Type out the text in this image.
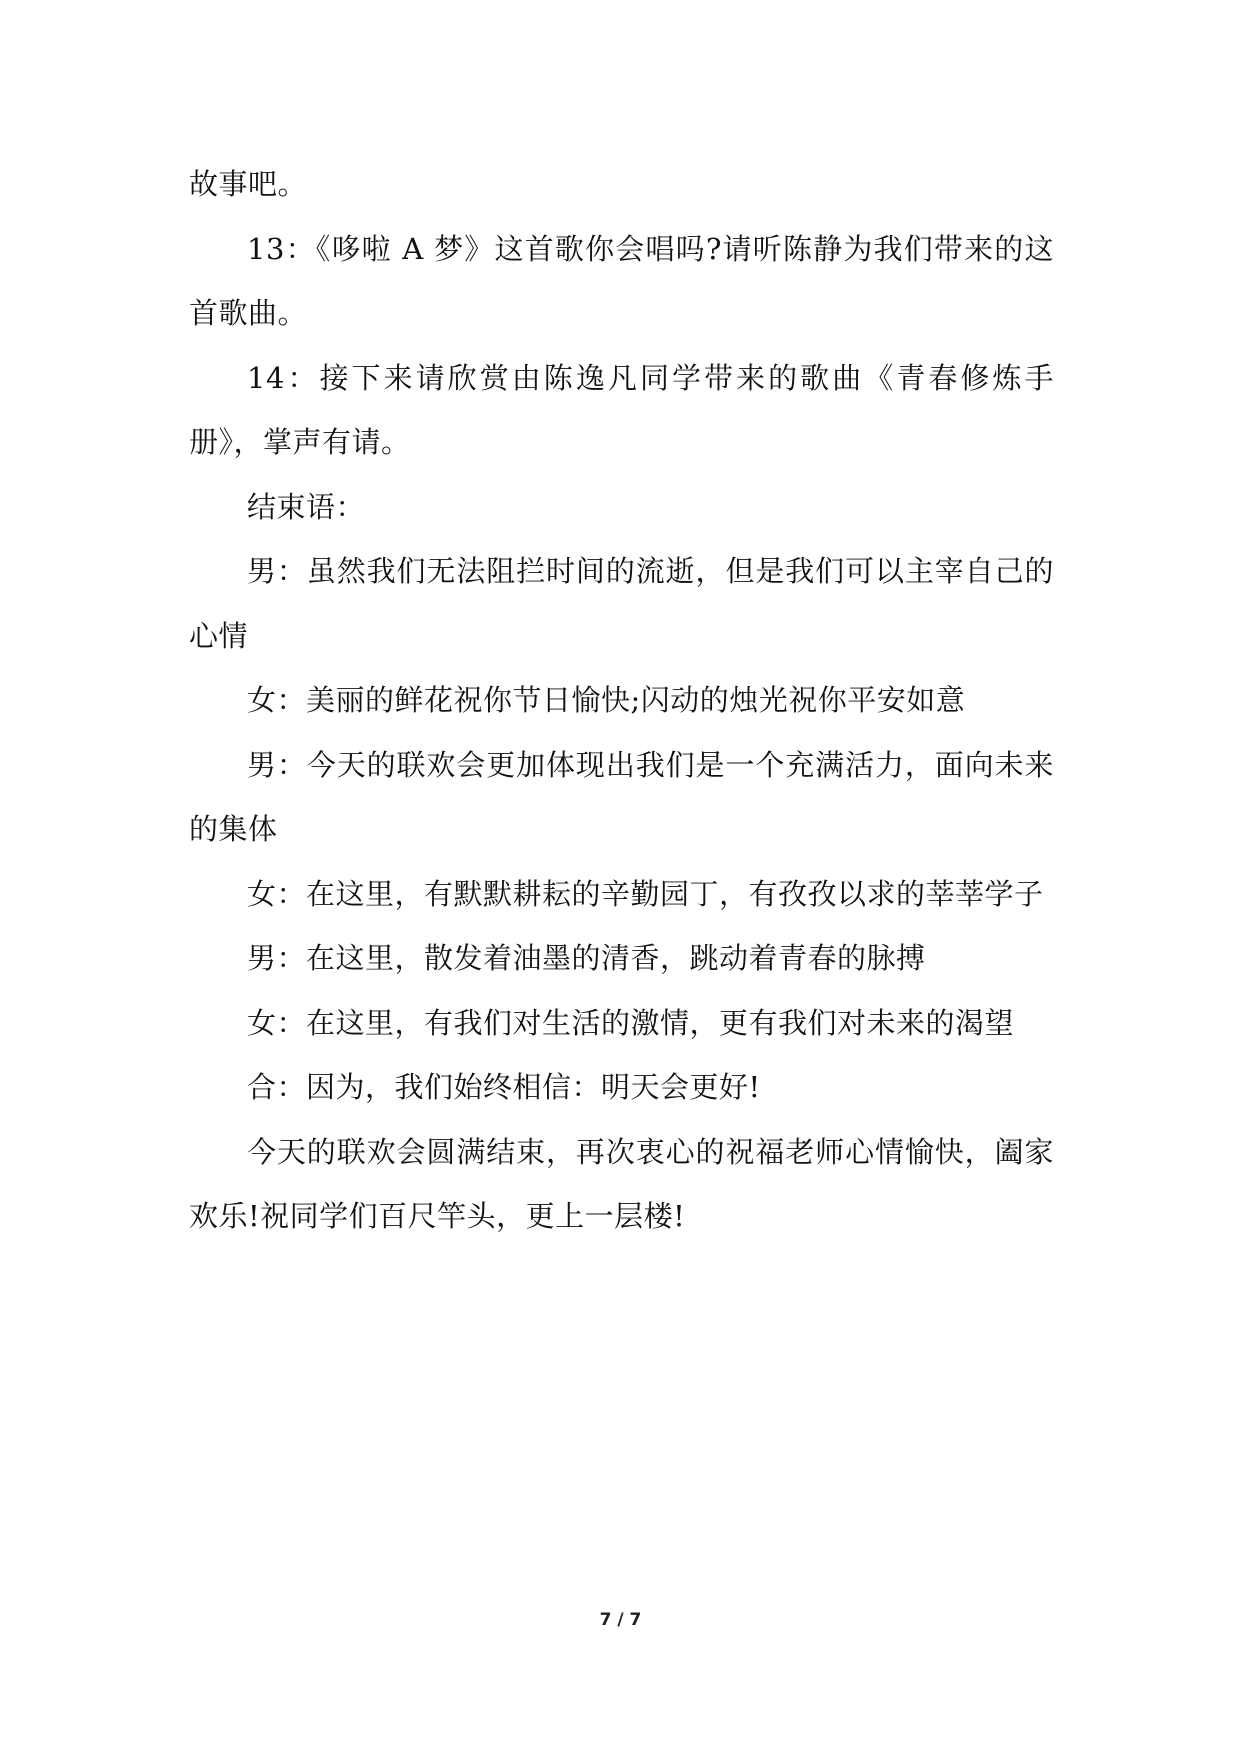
故事吧。

13：《哆啦 A 梦》这首歌你会唱吗?请听陈静为我们带来的这首歌曲。

14：接下来请欣赏由陈逸凡同学带来的歌曲《青春修炼手册》，掌声有请。

结束语：

男：虽然我们无法阻拦时间的流逝，但是我们可以主宰自己的心情

女：美丽的鲜花祝你节日愉快;闪动的烛光祝你平安如意

男：今天的联欢会更加体现出我们是一个充满活力，面向未来的集体

女：在这里，有默默耕耘的辛勤园丁，有孜孜以求的莘莘学子

男：在这里，散发着油墨的清香，跳动着青春的脉搏

女：在这里，有我们对生活的激情，更有我们对未来的渴望

合：因为，我们始终相信：明天会更好!

今天的联欢会圆满结束，再次衷心的祝福老师心情愉快，阖家欢乐!祝同学们百尺竿头，更上一层楼!

7 / 7
